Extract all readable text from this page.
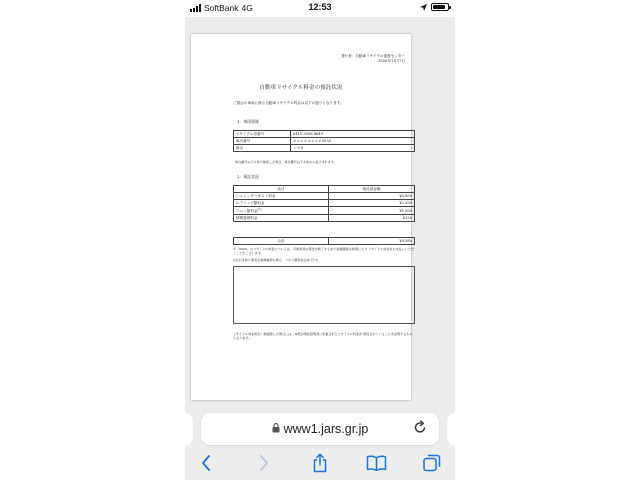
SoftBank 4G	12:53
発行者：自動車リサイクル促進センター
2020年1月17日
自動車リサイクル料金の預託状況
ご照会の車両に係る自動車リサイクル料金は以下の通りとなります。
1．車両情報
リサイクル券番号	0411-3008-4649
車台番号	＊＊＊＊＊＊＊＊0035
車名	トヨタ
車台番号の下４桁で検索した場合、車台番号は下４桁のみ表示されます。
2．預託状況
品目	預託済金額
シュレッダーダスト料金	¥5,850
エアバッグ類料金	¥2,050
フロン類料金$^{(注)}$	¥1,950
情報管理料金	¥130
合計	¥9,980
※「0000」のリサイクル料金については、引取業者の報告が終了するまで金額確認の結果により リサイクル料金をお支払いいただくことがございます。
(注)引き取り業者が装備確認の場合、フロン類料金は0円です。
リサイクル券を紛失・破損等した場合には、本紙が預託證明書に記載されたリサイクル料金が 預託されていることを証明するものとなります。
www1.jars.gr.jp
